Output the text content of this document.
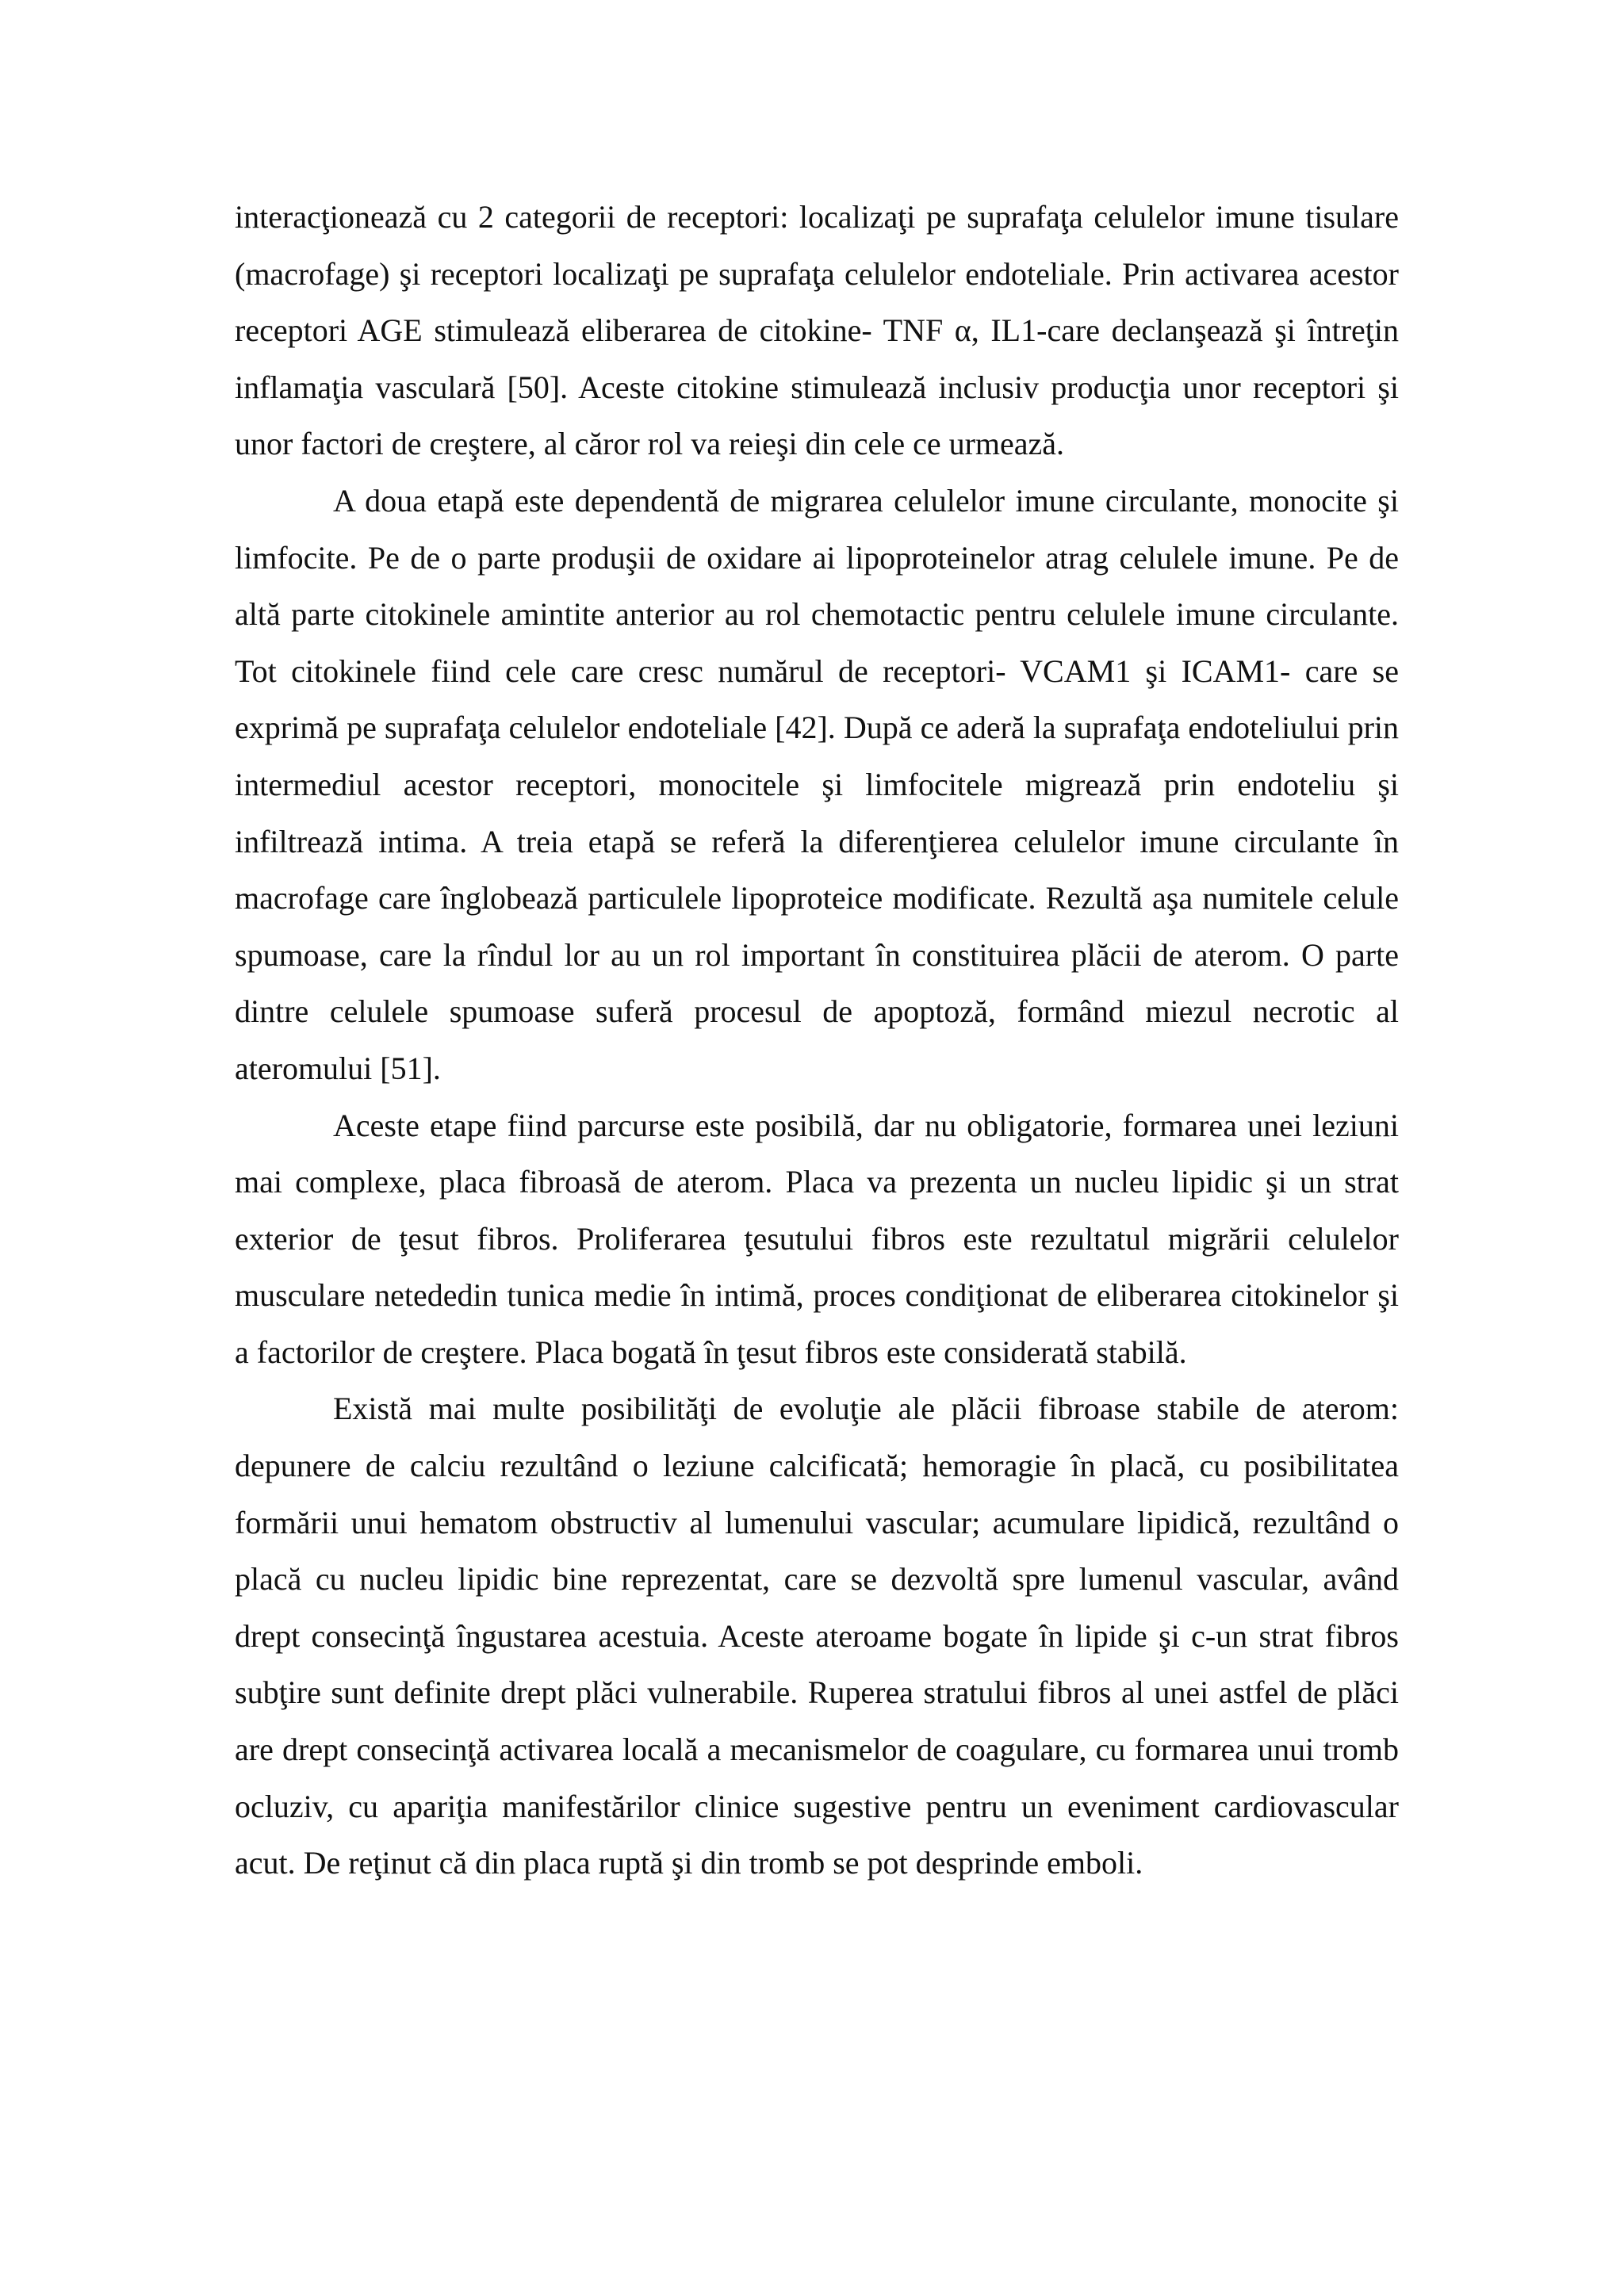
interacţionează cu 2 categorii de receptori: localizaţi pe suprafaţa celulelor imune tisulare (macrofage) şi receptori localizaţi pe suprafaţa celulelor endoteliale. Prin activarea acestor receptori AGE stimulează eliberarea de citokine- TNF α, IL1-care declanşează şi întreţin inflamaţia vasculară [50]. Aceste citokine stimulează inclusiv producţia unor receptori şi unor factori de creştere, al căror rol va reieşi din cele ce urmează.

A doua etapă este dependentă de migrarea celulelor imune circulante, monocite şi limfocite. Pe de o parte produşii de oxidare ai lipoproteinelor atrag celulele imune. Pe de altă parte citokinele amintite anterior au rol chemotactic pentru celulele imune circulante. Tot citokinele fiind cele care cresc numărul de receptori- VCAM1 şi ICAM1- care se exprimă pe suprafaţa celulelor endoteliale [42]. După ce aderă la suprafaţa endoteliului prin intermediul acestor receptori, monocitele şi limfocitele migrează prin endoteliu şi infiltrează intima. A treia etapă se referă la diferenţierea celulelor imune circulante în macrofage care înglobează particulele lipoproteice modificate. Rezultă aşa numitele celule spumoase, care la rîndul lor au un rol important în constituirea plăcii de aterom. O parte dintre celulele spumoase suferă procesul de apoptoză, formând miezul necrotic al ateromului [51].

Aceste etape fiind parcurse este posibilă, dar nu obligatorie, formarea unei leziuni mai complexe, placa fibroasă de aterom. Placa va prezenta un nucleu lipidic şi un strat exterior de ţesut fibros. Proliferarea ţesutului fibros este rezultatul migrării celulelor musculare netededin tunica medie în intimă, proces condiţionat de eliberarea citokinelor şi a factorilor de creştere. Placa bogată în ţesut fibros este considerată stabilă.

Există mai multe posibilităţi de evoluţie ale plăcii fibroase stabile de aterom: depunere de calciu rezultând o leziune calcificată; hemoragie în placă, cu posibilitatea formării unui hematom obstructiv al lumenului vascular; acumulare lipidică, rezultând o placă cu nucleu lipidic bine reprezentat, care se dezvoltă spre lumenul vascular, având drept consecinţă îngustarea acestuia. Aceste ateroame bogate în lipide şi c-un strat fibros subţire sunt definite drept plăci vulnerabile. Ruperea stratului fibros al unei astfel de plăci are drept consecinţă activarea locală a mecanismelor de coagulare, cu formarea unui tromb ocluziv, cu apariţia manifestărilor clinice sugestive pentru un eveniment cardiovascular acut. De reţinut că din placa ruptă şi din tromb se pot desprinde emboli.
